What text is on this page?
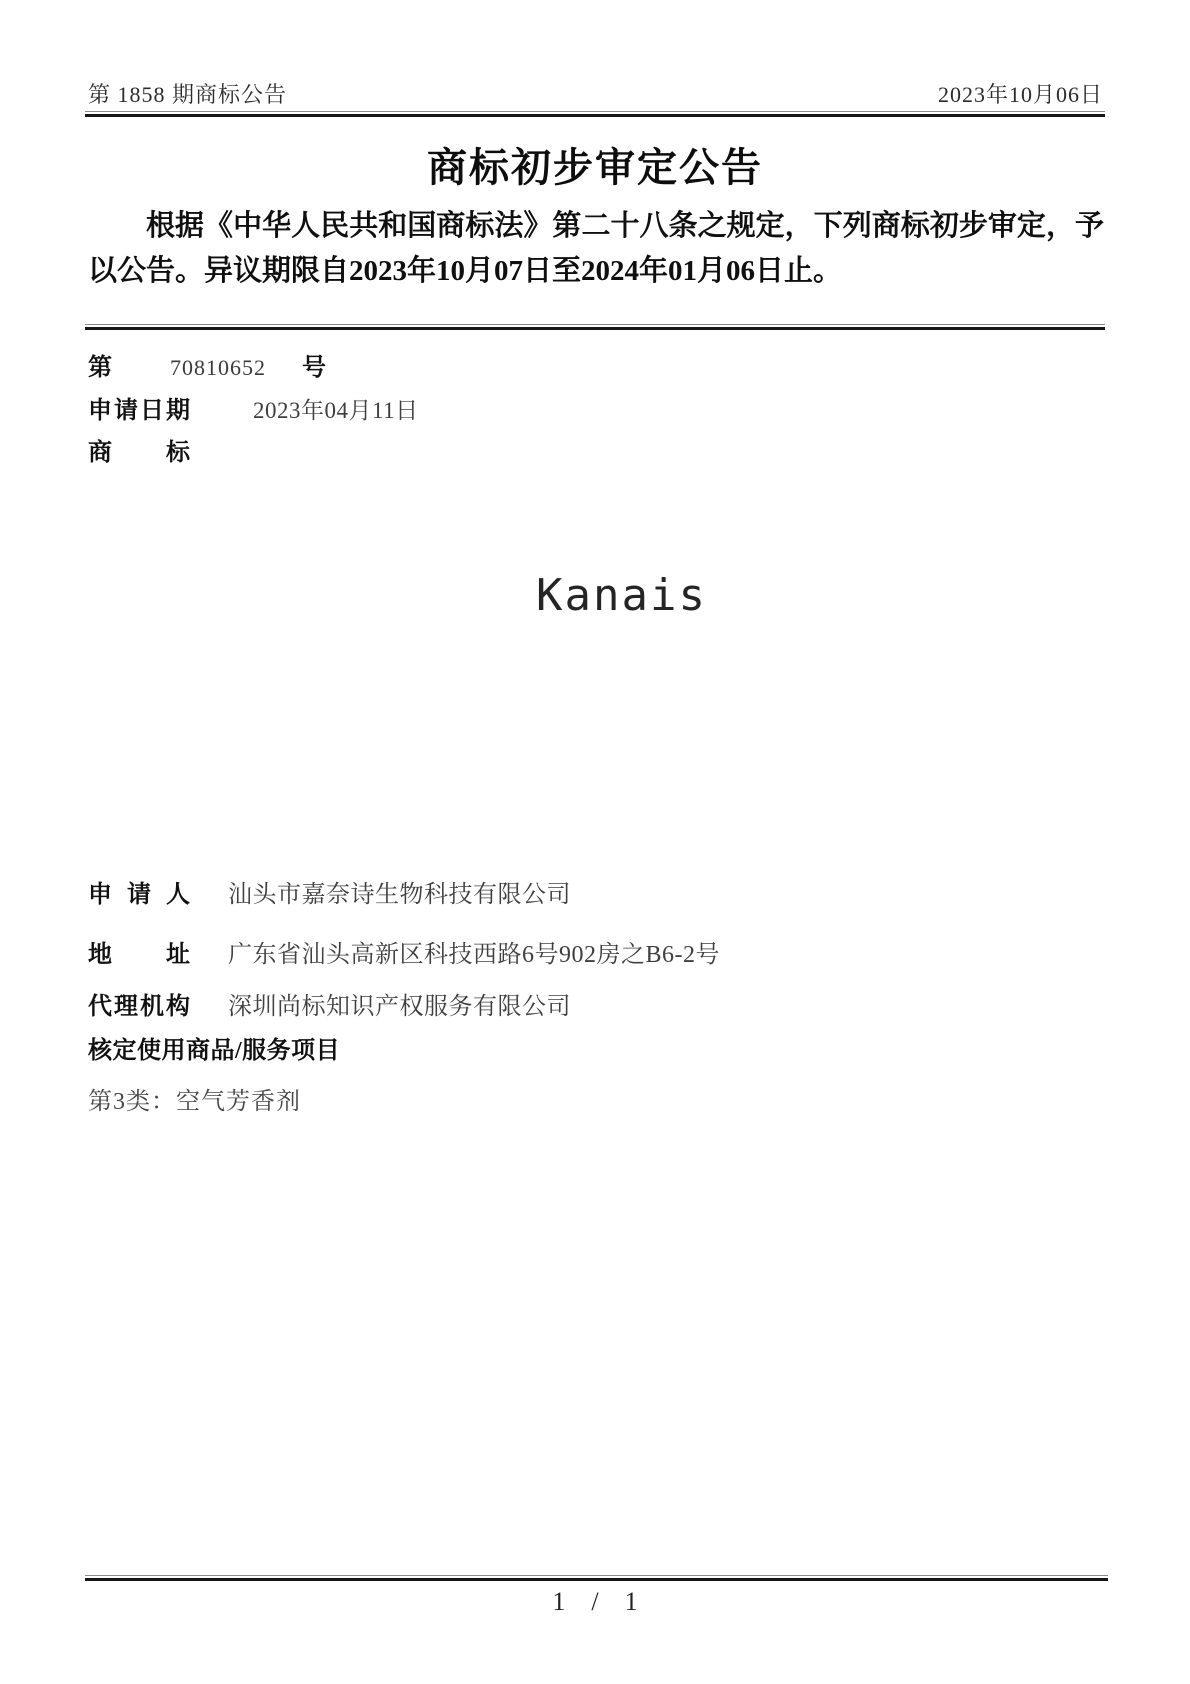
第 1858 期商标公告	2023年10月06日
商标初步审定公告

根据《中华人民共和国商标法》第二十八条之规定，下列商标初步审定，予以公告。异议期限自2023年10月07日至2024年01月06日止。

第	70810652 号
申 请 日 期	2023年04月11日
商 标
Kanais
申 请 人 汕头市嘉奈诗生物科技有限公司
地 址 广东省汕头高新区科技西路6号902房之B6-2号
代 理 机 构 深圳尚标知识产权服务有限公司
核定使用商品/服务项目
第3类：空气芳香剂
1 / 1
